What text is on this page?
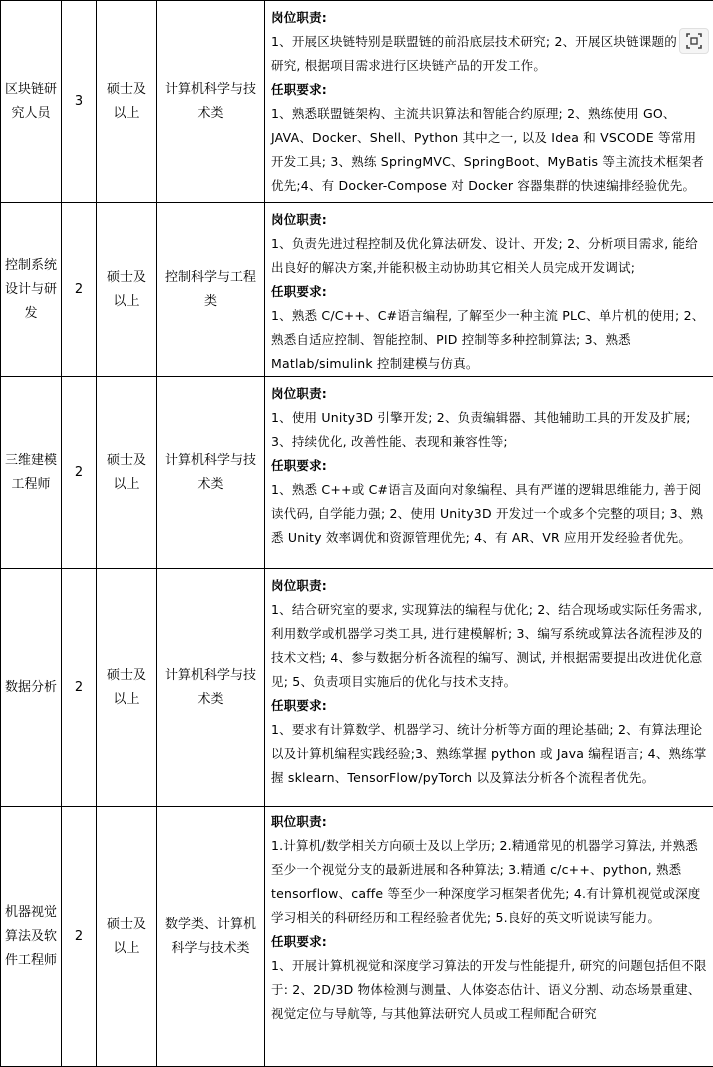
区块链研究人员	3	硕士及以上	计算机科学与技术类	岗位职责:
1、开展区块链特别是联盟链的前沿底层技术研究; 2、开展区块链课题的研究, 根据项目需求进行区块链产品的开发工作。
任职要求:
1、熟悉联盟链架构、主流共识算法和智能合约原理; 2、熟练使用 GO、JAVA、Docker、Shell、Python 其中之一, 以及 Idea 和 VSCODE 等常用开发工具; 3、熟练 SpringMVC、SpringBoot、MyBatis 等主流技术框架者优先;4、有 Docker-Compose 对 Docker 容器集群的快速编排经验优先。

控制系统设计与研发	2	硕士及以上	控制科学与工程类	岗位职责:
1、负责先进过程控制及优化算法研发、设计、开发; 2、分析项目需求, 能给出良好的解决方案,并能积极主动协助其它相关人员完成开发调试;
任职要求:
1、熟悉 C/C++、C#语言编程, 了解至少一种主流 PLC、单片机的使用; 2、熟悉自适应控制、智能控制、PID 控制等多种控制算法; 3、熟悉 Matlab/simulink 控制建模与仿真。

三维建模工程师	2	硕士及以上	计算机科学与技术类	岗位职责:
1、使用 Unity3D 引擎开发; 2、负责编辑器、其他辅助工具的开发及扩展; 3、持续优化, 改善性能、表现和兼容性等;
任职要求:
1、熟悉 C++或 C#语言及面向对象编程、具有严谨的逻辑思维能力, 善于阅读代码, 自学能力强; 2、使用 Unity3D 开发过一个或多个完整的项目; 3、熟悉 Unity 效率调优和资源管理优先; 4、有 AR、VR 应用开发经验者优先。

数据分析	2	硕士及以上	计算机科学与技术类	岗位职责:
1、结合研究室的要求, 实现算法的编程与优化; 2、结合现场或实际任务需求, 利用数学或机器学习类工具, 进行建模解析; 3、编写系统或算法各流程涉及的技术文档; 4、参与数据分析各流程的编写、测试, 并根据需要提出改进优化意见; 5、负责项目实施后的优化与技术支持。
任职要求:
1、要求有计算数学、机器学习、统计分析等方面的理论基础; 2、有算法理论以及计算机编程实践经验;3、熟练掌握 python 或 Java 编程语言; 4、熟练掌握 sklearn、TensorFlow/pyTorch 以及算法分析各个流程者优先。

机器视觉算法及软件工程师	2	硕士及以上	数学类、计算机科学与技术类	职位职责:
1.计算机/数学相关方向硕士及以上学历; 2.精通常见的机器学习算法, 并熟悉至少一个视觉分支的最新进展和各种算法; 3.精通 c/c++、python, 熟悉 tensorflow、caffe 等至少一种深度学习框架者优先; 4.有计算机视觉或深度学习相关的科研经历和工程经验者优先; 5.良好的英文听说读写能力。
任职要求:
1、开展计算机视觉和深度学习算法的开发与性能提升, 研究的问题包括但不限于: 2、2D/3D 物体检测与测量、人体姿态估计、语义分割、动态场景重建、视觉定位与导航等, 与其他算法研究人员或工程师配合研究
